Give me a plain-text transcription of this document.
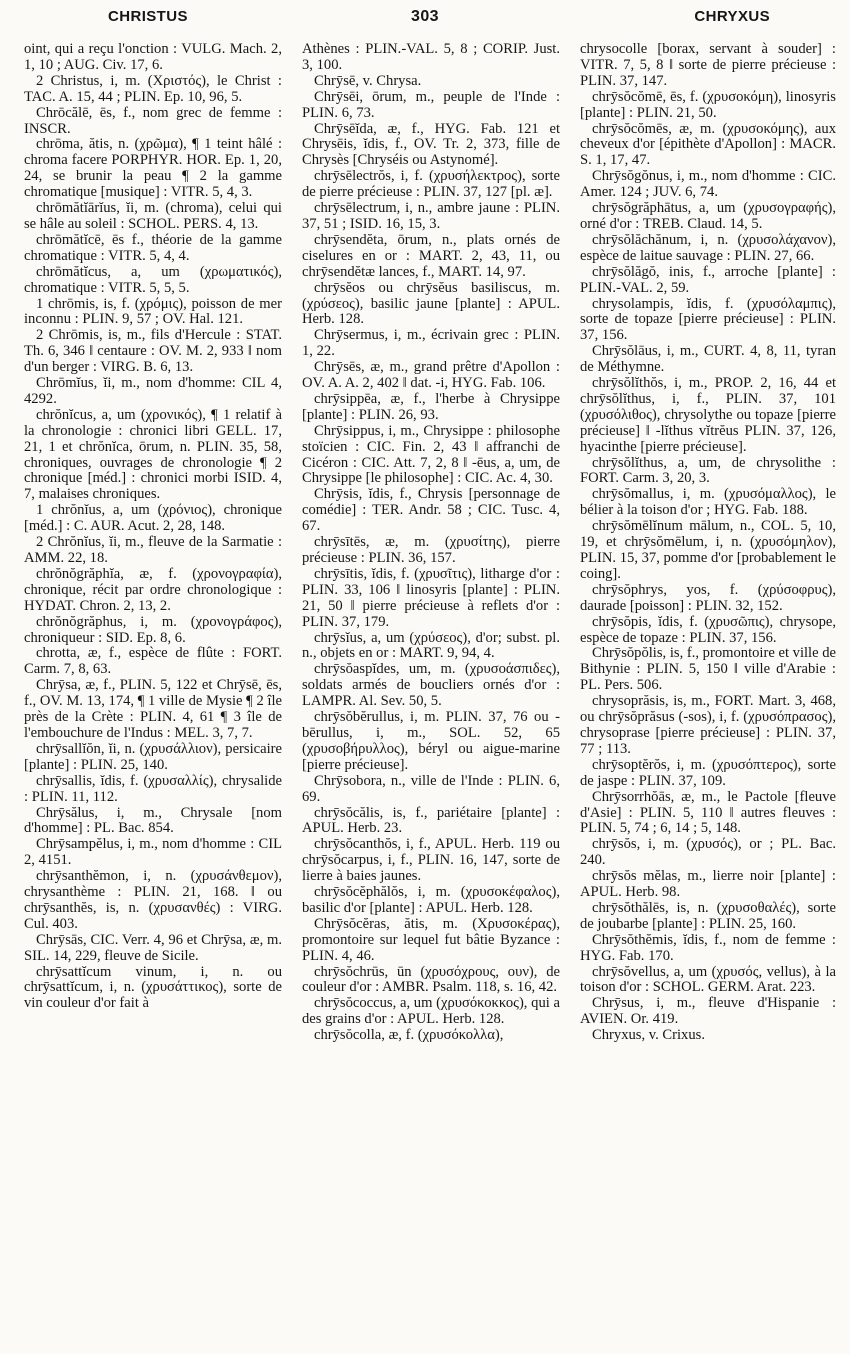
CHRISTUS	303	CHRYXUS

oint, qui a reçu l'onction : VULG. Mach. 2, 1, 10 ; AUG. Civ. 17, 6.

2 Christus, i, m. (Χριστός), le Christ : TAC. A. 15, 44 ; PLIN. Ep. 10, 96, 5.

Chrōcălē, ēs, f., nom grec de femme : INSCR.

chrōma, ătis, n. (χρῶμα), ¶ 1 teint hâlé : chroma facere PORPHYR. HOR. Ep. 1, 20, 24, se brunir la peau ¶ 2 la gamme chromatique [musique] : VITR. 5, 4, 3.

chrōmătĭārĭus, ĭi, m. (chroma), celui qui se hâle au soleil : SCHOL. PERS. 4, 13.

chrōmătĭcē, ēs f., théorie de la gamme chromatique : VITR. 5, 4, 4.

chrōmătĭcus, a, um (χρωματικός), chromatique : VITR. 5, 5, 5.

1 chrōmis, is, f. (χρόμις), poisson de mer inconnu : PLIN. 9, 57 ; OV. Hal. 121.

2 Chrōmis, is, m., fils d'Hercule : STAT. Th. 6, 346 ‖ centaure : OV. M. 2, 933 ‖ nom d'un berger : VIRG. B. 6, 13.

Chrōmĭus, ĭi, m., nom d'homme: CIL 4, 4292.

chrŏnĭcus, a, um (χρονικός), ¶ 1 relatif à la chronologie : chronici libri GELL. 17, 21, 1 et chrŏnĭca, ōrum, n. PLIN. 35, 58, chroniques, ouvrages de chronologie ¶ 2 chronique [méd.] : chronici morbi ISID. 4, 7, malaises chroniques.

1 chrŏnĭus, a, um (χρόνιος), chronique [méd.] : C. AUR. Acut. 2, 28, 148.

2 Chrŏnĭus, ĭi, m., fleuve de la Sarmatie : AMM. 22, 18.

chrŏnŏgrăphĭa, æ, f. (χρονογραφία), chronique, récit par ordre chronologique : HYDAT. Chron. 2, 13, 2.

chrŏnŏgrăphus, i, m. (χρονογράφος), chroniqueur : SID. Ep. 8, 6.

chrotta, æ, f., espèce de flûte : FORT. Carm. 7, 8, 63.

Chrȳsa, æ, f., PLIN. 5, 122 et Chrȳsē, ēs, f., OV. M. 13, 174, ¶ 1 ville de Mysie ¶ 2 île près de la Crète : PLIN. 4, 61 ¶ 3 île de l'embouchure de l'Indus : MEL. 3, 7, 7.

chrȳsallĭŏn, ĭi, n. (χρυσάλλιον), persicaire [plante] : PLIN. 25, 140.

chrȳsallis, ĭdis, f. (χρυσαλλίς), chrysalide : PLIN. 11, 112.

Chrȳsălus, i, m., Chrysale [nom d'homme] : PL. Bac. 854.

Chrȳsampĕlus, i, m., nom d'homme : CIL 2, 4151.

chrȳsanthĕmon, i, n. (χρυσάνθεμον), chrysanthème : PLIN. 21, 168. ‖ ou chrȳsanthĕs, is, n. (χρυσανθές) : VIRG. Cul. 403.

Chrȳsās, CIC. Verr. 4, 96 et Chrȳsa, æ, m. SIL. 14, 229, fleuve de Sicile.

chrȳsattĭcum vinum, i, n. ou chrȳsattĭcum, i, n. (χρυσάττικος), sorte de vin couleur d'or fait à

Athènes : PLIN.-VAL. 5, 8 ; CORIP. Just. 3, 100.

Chrȳsē, v. Chrysa.

Chrȳsēi, ōrum, m., peuple de l'Inde : PLIN. 6, 73.

Chrȳsēĭda, æ, f., HYG. Fab. 121 et Chrysēis, ĭdis, f., OV. Tr. 2, 373, fille de Chrysès [Chryséis ou Astynomé].

chrȳsēlectrŏs, i, f. (χρυσήλεκτρος), sorte de pierre précieuse : PLIN. 37, 127 [pl. æ].

chrȳsēlectrum, i, n., ambre jaune : PLIN. 37, 51 ; ISID. 16, 15, 3.

chrȳsendĕta, ōrum, n., plats ornés de ciselures en or : MART. 2, 43, 11, ou chrȳsendĕtæ lances, f., MART. 14, 97.

chrȳsĕos ou chrȳsĕus basiliscus, m. (χρύσεος), basilic jaune [plante] : APUL. Herb. 128.

Chrȳsermus, i, m., écrivain grec : PLIN. 1, 22.

Chrȳsēs, æ, m., grand prêtre d'Apollon : OV. A. A. 2, 402 ‖ dat. -i, HYG. Fab. 106.

chrȳsippēa, æ, f., l'herbe à Chrysippe [plante] : PLIN. 26, 93.

Chrȳsippus, i, m., Chrysippe : philosophe stoïcien : CIC. Fin. 2, 43 ‖ affranchi de Cicéron : CIC. Att. 7, 2, 8 ‖ -ēus, a, um, de Chrysippe [le philosophe] : CIC. Ac. 4, 30.

Chrȳsis, ĭdis, f., Chrysis [personnage de comédie] : TER. Andr. 58 ; CIC. Tusc. 4, 67.

chrȳsītēs, æ, m. (χρυσίτης), pierre précieuse : PLIN. 36, 157.

chrȳsītis, ĭdis, f. (χρυσῖτις), litharge d'or : PLIN. 33, 106 ‖ linosyris [plante] : PLIN. 21, 50 ‖ pierre précieuse à reflets d'or : PLIN. 37, 179.

chrȳsĭus, a, um (χρύσεος), d'or; subst. pl. n., objets en or : MART. 9, 94, 4.

chrȳsŏaspĭdes, um, m. (χρυσοάσπιδες), soldats armés de boucliers ornés d'or : LAMPR. Al. Sev. 50, 5.

chrȳsŏbĕrullus, i, m. PLIN. 37, 76 ou -bērullus, i, m., SOL. 52, 65 (χρυσοβήρυλλος), béryl ou aigue-marine [pierre précieuse].

Chrȳsobora, n., ville de l'Inde : PLIN. 6, 69.

chrȳsŏcălis, is, f., pariétaire [plante] : APUL. Herb. 23.

chrȳsŏcanthŏs, i, f., APUL. Herb. 119 ou chrȳsŏcarpus, i, f., PLIN. 16, 147, sorte de lierre à baies jaunes.

chrȳsŏcĕphălŏs, i, m. (χρυσοκέφαλος), basilic d'or [plante] : APUL. Herb. 128.

Chrȳsŏcĕras, ătis, m. (Χρυσοκέρας), promontoire sur lequel fut bâtie Byzance : PLIN. 4, 46.

chrȳsŏchrūs, ūn (χρυσόχρους, ουν), de couleur d'or : AMBR. Psalm. 118, s. 16, 42.

chrȳsŏcoccus, a, um (χρυσόκοκκος), qui a des grains d'or : APUL. Herb. 128.

chrȳsŏcolla, æ, f. (χρυσόκολλα),

chrysocolle [borax, servant à souder] : VITR. 7, 5, 8 ‖ sorte de pierre précieuse : PLIN. 37, 147.

chrȳsŏcŏmē, ēs, f. (χρυσοκόμη), linosyris [plante] : PLIN. 21, 50.

chrȳsŏcŏmēs, æ, m. (χρυσοκόμης), aux cheveux d'or [épithète d'Apollon] : MACR. S. 1, 17, 47.

Chrȳsŏgŏnus, i, m., nom d'homme : CIC. Amer. 124 ; JUV. 6, 74.

chrȳsŏgrăphātus, a, um (χρυσογραφής), orné d'or : TREB. Claud. 14, 5.

chrȳsŏlăchănum, i, n. (χρυσολάχανον), espèce de laitue sauvage : PLIN. 27, 66.

chrȳsŏlăgŏ, inis, f., arroche [plante] : PLIN.-VAL. 2, 59.

chrysolampis, ĭdis, f. (χρυσόλαμπις), sorte de topaze [pierre précieuse] : PLIN. 37, 156.

Chrȳsŏlāus, i, m., CURT. 4, 8, 11, tyran de Méthymne.

chrȳsŏlĭthŏs, i, m., PROP. 2, 16, 44 et chrȳsŏlĭthus, i, f., PLIN. 37, 101 (χρυσόλιθος), chrysolythe ou topaze [pierre précieuse] ‖ -lĭthus vĭtrĕus PLIN. 37, 126, hyacinthe [pierre précieuse].

chrȳsŏlĭthus, a, um, de chrysolithe : FORT. Carm. 3, 20, 3.

chrȳsŏmallus, i, m. (χρυσόμαλλος), le bélier à la toison d'or ; HYG. Fab. 188.

chrȳsŏmēlĭnum mālum, n., COL. 5, 10, 19, et chrȳsŏmēlum, i, n. (χρυσόμηλον), PLIN. 15, 37, pomme d'or [probablement le coing].

chrȳsŏphrys, yos, f. (χρύσοφρυς), daurade [poisson] : PLIN. 32, 152.

chrȳsŏpis, ĭdis, f. (χρυσῶπις), chrysope, espèce de topaze : PLIN. 37, 156.

Chrȳsŏpŏlis, is, f., promontoire et ville de Bithynie : PLIN. 5, 150 ‖ ville d'Arabie : PL. Pers. 506.

chrysoprăsis, is, m., FORT. Mart. 3, 468, ou chrȳsŏprăsus (-sos), i, f. (χρυσόπρασος), chrysoprase [pierre précieuse] : PLIN. 37, 77 ; 113.

chrȳsoptĕrŏs, i, m. (χρυσόπτερος), sorte de jaspe : PLIN. 37, 109.

Chrȳsorrhŏās, æ, m., le Pactole [fleuve d'Asie] : PLIN. 5, 110 ‖ autres fleuves : PLIN. 5, 74 ; 6, 14 ; 5, 148.

chrȳsŏs, i, m. (χρυσός), or ; PL. Bac. 240.

chrȳsŏs mĕlas, m., lierre noir [plante] : APUL. Herb. 98.

chrȳsŏthălēs, is, n. (χρυσοθαλές), sorte de joubarbe [plante] : PLIN. 25, 160.

Chrȳsŏthĕmis, ĭdis, f., nom de femme : HYG. Fab. 170.

chrȳsŏvellus, a, um (χρυσός, vellus), à la toison d'or : SCHOL. GERM. Arat. 223.

Chrȳsus, i, m., fleuve d'Hispanie : AVIEN. Or. 419.

Chryxus, v. Crixus.
